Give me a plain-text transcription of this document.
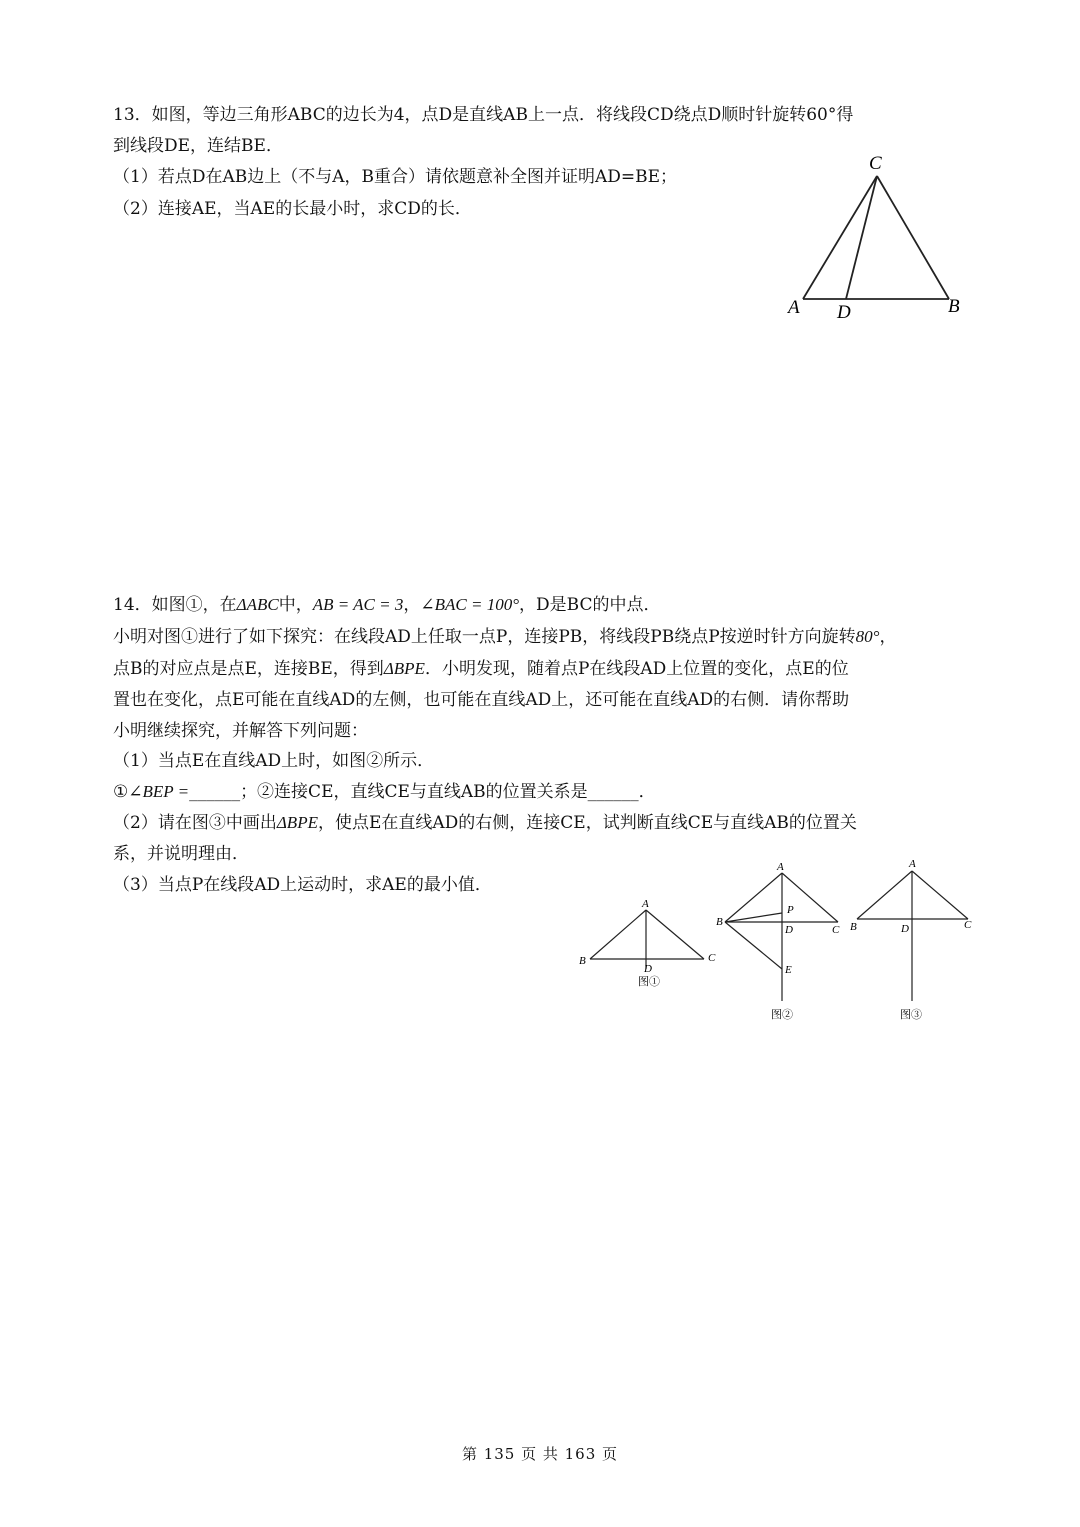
13．如图，等边三角形ABC的边长为4，点D是直线AB上一点．将线段CD绕点D顺时针旋转60°得
到线段DE，连结BE．
（1）若点D在AB边上（不与A，B重合）请依题意补全图并证明AD=BE；
（2）连接AE，当AE的长最小时，求CD的长．
C
A D	B
14．如图①，在ΔABC中，AB = AC = 3，∠BAC = 100°，D是BC的中点．
小明对图①进行了如下探究：在线段AD上任取一点P，连接PB，将线段PB绕点P按逆时针方向旋转80°，
点B的对应点是点E，连接BE，得到ΔBPE．小明发现，随着点P在线段AD上位置的变化，点E的位
置也在变化，点E可能在直线AD的左侧，也可能在直线AD上，还可能在直线AD的右侧．请你帮助
小明继续探究，并解答下列问题：
（1）当点E在直线AD上时，如图②所示．
①∠BEP =______；②连接CE，直线CE与直线AB的位置关系是______．
（2）请在图③中画出ΔBPE，使点E在直线AD的右侧，连接CE，试判断直线CE与直线AB的位置关
系，并说明理由．
（3）当点P在线段AD上运动时，求AE的最小值．
A
B	C
D
图①
A
B
C
P
D
E
图②
A
B	C
D
图③
第 135 页 共 163 页
